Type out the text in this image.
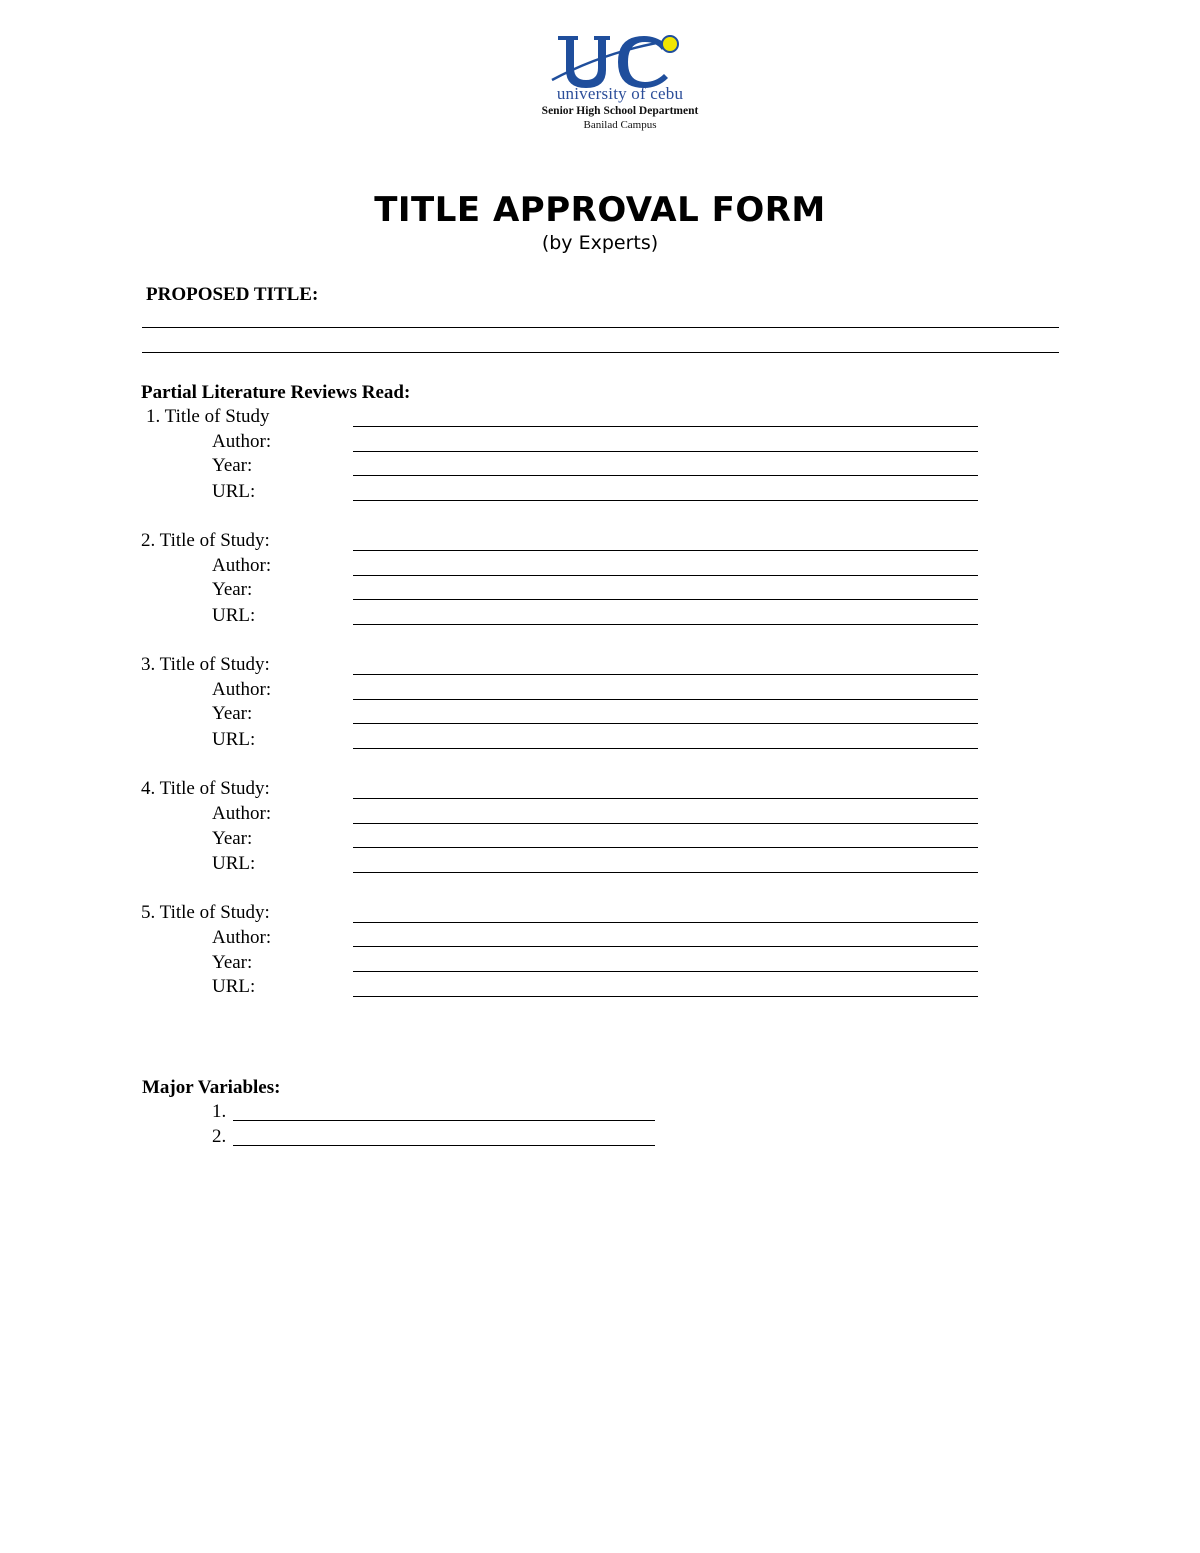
university of cebu
Senior High School Department
Banilad Campus
TITLE APPROVAL FORM
(by Experts)
PROPOSED TITLE:
Partial Literature Reviews Read:
1. Title of Study
Author:
Year:
URL:
2. Title of Study:
Author:
Year:
URL:
3. Title of Study:
Author:
Year:
URL:
4. Title of Study:
Author:
Year:
URL:
5. Title of Study:
Author:
Year:
URL:
Major Variables:
1.
2.
